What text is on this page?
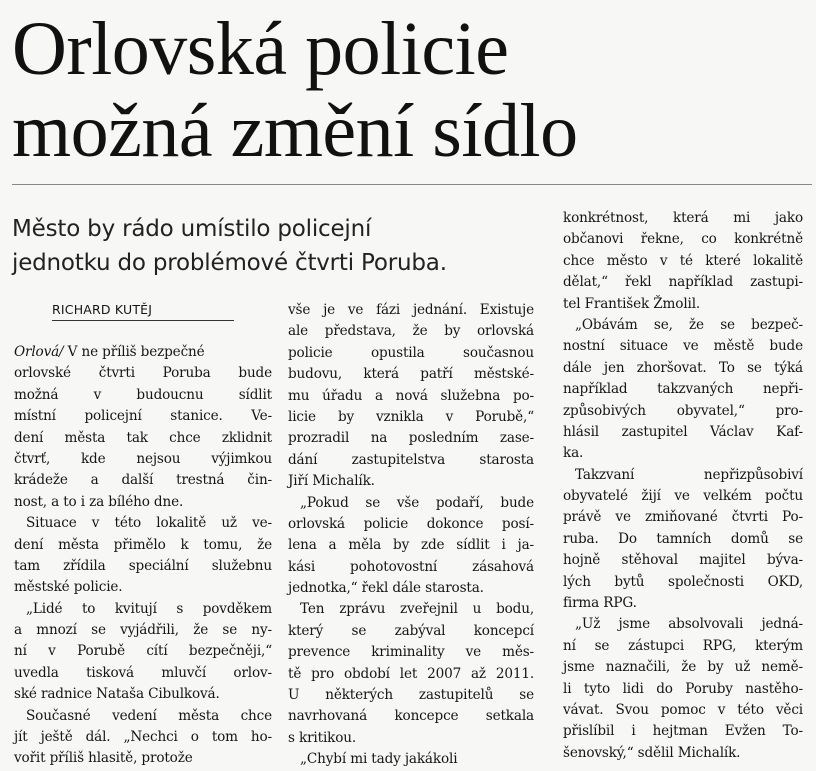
Orlovská policie
možná změní sídlo
Město by rádo umístilo policejní
jednotku do problémové čtvrti Poruba.
RICHARD KUTĚJ
Orlová/ V ne příliš bezpečné
orlovské čtvrti Poruba bude
možná v budoucnu sídlit
místní policejní stanice. Ve-
dení města tak chce zklidnit
čtvrť, kde nejsou výjimkou
krádeže a další trestná čin-
nost, a to i za bílého dne.
Situace v této lokalitě už ve-
dení města přimělo k tomu, že
tam zřídila speciální služebnu
městské policie.
„Lidé to kvitují s povděkem
a mnozí se vyjádřili, že se ny-
ní v Porubě cítí bezpečněji,“
uvedla tisková mluvčí orlov-
ské radnice Nataša Cibulková.
Současné vedení města chce
jít ještě dál. „Nechci o tom ho-
vořit příliš hlasitě, protože
vše je ve fázi jednání. Existuje
ale představa, že by orlovská
policie opustila současnou
budovu, která patří městské-
mu úřadu a nová služebna po-
licie by vznikla v Porubě,“
prozradil na posledním zase-
dání zastupitelstva starosta
Jiří Michalík.
„Pokud se vše podaří, bude
orlovská policie dokonce posí-
lena a měla by zde sídlit i ja-
kási pohotovostní zásahová
jednotka,“ řekl dále starosta.
Ten zprávu zveřejnil u bodu,
který se zabýval koncepcí
prevence kriminality ve měs-
tě pro období let 2007 až 2011.
U některých zastupitelů se
navrhovaná koncepce setkala
s kritikou.
„Chybí mi tady jakákoli
konkrétnost, která mi jako
občanovi řekne, co konkrétně
chce město v té které lokalitě
dělat,“ řekl například zastupi-
tel František Žmolil.
„Obávám se, že se bezpeč-
nostní situace ve městě bude
dále jen zhoršovat. To se týká
například takzvaných nepři-
způsobivých obyvatel,“ pro-
hlásil zastupitel Václav Kaf-
ka.
Takzvaní nepřizpůsobiví
obyvatelé žijí ve velkém počtu
právě ve zmiňované čtvrti Po-
ruba. Do tamních domů se
hojně stěhoval majitel býva-
lých bytů společnosti OKD,
firma RPG.
„Už jsme absolvovali jedná-
ní se zástupci RPG, kterým
jsme naznačili, že by už nemě-
li tyto lidi do Poruby nastěho-
vávat. Svou pomoc v této věci
přislíbil i hejtman Evžen To-
šenovský,“ sdělil Michalík.
